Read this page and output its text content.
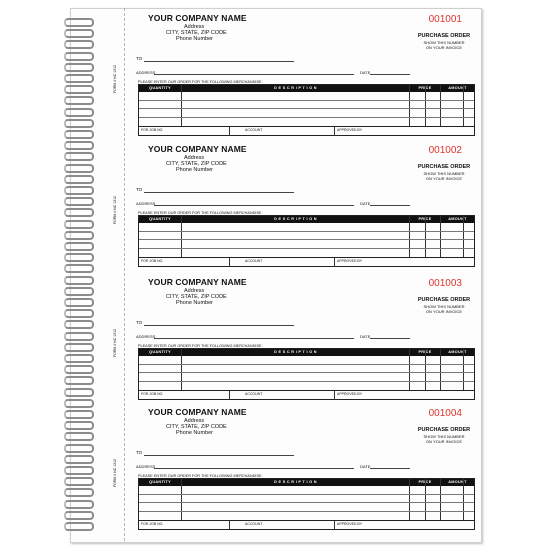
YOUR COMPANY NAME
Address
CITY, STATE, ZIP CODE
Phone Number
001001
PURCHASE ORDER
SHOW THIS NUMBER
ON YOUR INVOICE
TO
ADDRESS	DATE
PLEASE ENTER OUR ORDER FOR THE FOLLOWING MERCHANDISE
QUANTITY	D E S C R I P T I O N	PRICE	AMOUNT
FOR JOB NO.	ACCOUNT	APPROVED BY
FORM # NC 1312
YOUR COMPANY NAME
Address
CITY, STATE, ZIP CODE
Phone Number
001002
PURCHASE ORDER
SHOW THIS NUMBER
ON YOUR INVOICE
TO
ADDRESS	DATE
PLEASE ENTER OUR ORDER FOR THE FOLLOWING MERCHANDISE
QUANTITY	D E S C R I P T I O N	PRICE	AMOUNT
FOR JOB NO.	ACCOUNT	APPROVED BY
FORM # NC 1312
YOUR COMPANY NAME
Address
CITY, STATE, ZIP CODE
Phone Number
001003
PURCHASE ORDER
SHOW THIS NUMBER
ON YOUR INVOICE
TO
ADDRESS	DATE
PLEASE ENTER OUR ORDER FOR THE FOLLOWING MERCHANDISE
QUANTITY	D E S C R I P T I O N	PRICE	AMOUNT
FOR JOB NO.	ACCOUNT	APPROVED BY
FORM # NC 1312
YOUR COMPANY NAME
Address
CITY, STATE, ZIP CODE
Phone Number
001004
PURCHASE ORDER
SHOW THIS NUMBER
ON YOUR INVOICE
TO
ADDRESS	DATE
PLEASE ENTER OUR ORDER FOR THE FOLLOWING MERCHANDISE
QUANTITY	D E S C R I P T I O N	PRICE	AMOUNT
FOR JOB NO.	ACCOUNT	APPROVED BY
FORM # NC 1312
